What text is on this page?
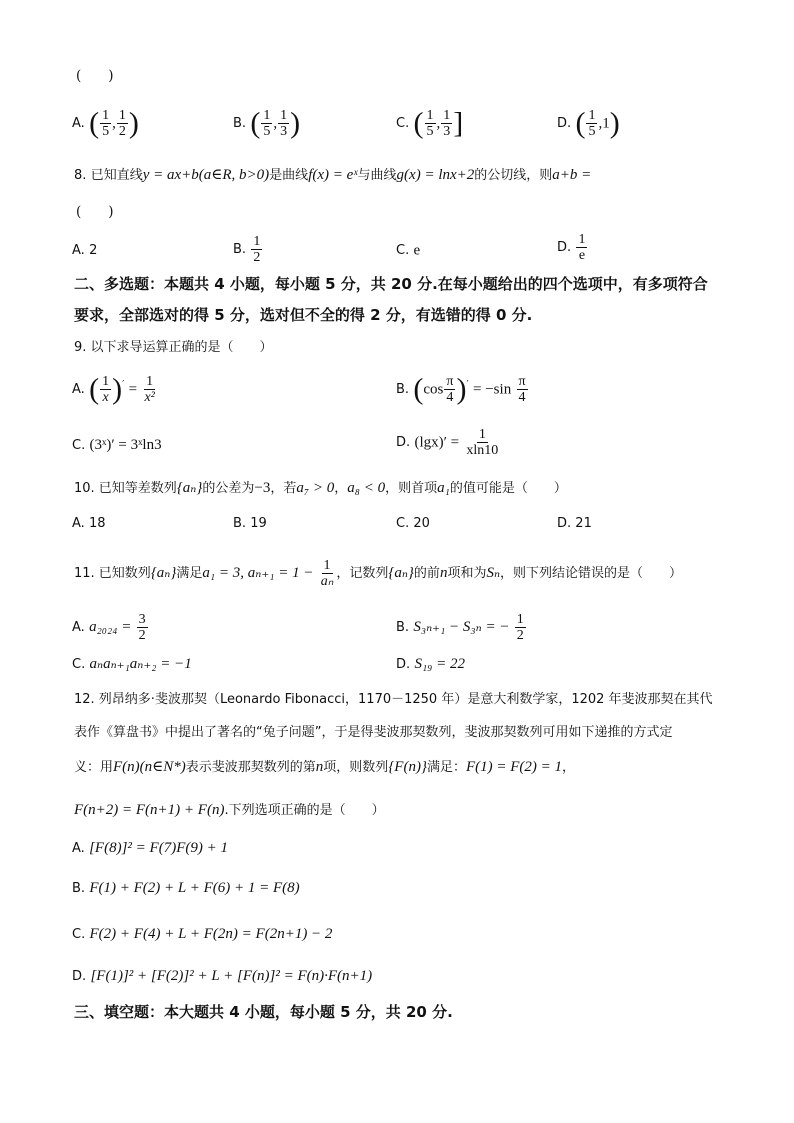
(　　)
A. ( $\frac{1}{5}$ , $\frac{1}{2}$ )	B. ( $\frac{1}{5}$ , $\frac{1}{3}$ )	C. ( $\frac{1}{5}$ , $\frac{1}{3}$ ]	D. ( $\frac{1}{5} ,1$)
8. 已知直线y = ax+b(a∈R, b>0)是曲线f(x) = eˣ与曲线g(x) = lnx+2的公切线，则a+b =
(　　)
A. 2	B. $\frac{1}{2}$	C. e	D. $\frac{1}{e}$
二、多选题：本题共 4 小题，每小题 5 分，共 20 分.在每小题给出的四个选项中，有多项符合
要求，全部选对的得 5 分，选对但不全的得 2 分，有选错的得 0 分.
9. 以下求导运算正确的是（　　）
A. ( $\frac{1}{x} )' = \frac{1}{\text{x²}}$	B. $(\cos \frac{\pi}{4} )' = -\sin \frac{\pi}{4}$
C. (3ˣ)′ = 3ˣln3	D. $(\lg x)' = \frac{1}{xln10}$
10. 已知等差数列{aₙ}的公差为−3，若a₇ > 0，a₈ < 0，则首项a₁的值可能是（　　）
A. 18	B. 19	C. 20	D. 21
11. 已知数列{aₙ}满足a₁ = 3, $a_{n+1} = 1 - \frac{1}{\text{aₙ}}$ ，记数列{aₙ}的前n项和为Sₙ，则下列结论错误的是（　　）
A. $a_{2024} = \frac{3}{2}$	B. S₃ₙ₊₁ − S₃ₙ = − $\frac{1}{2}$
C. aₙaₙ₊₁aₙ₊₂ = −1	D. S₁₉ = 22
12. 列昂纳多·斐波那契（Leonardo Fibonacci，1170－1250 年）是意大利数学家，1202 年斐波那契在其代
表作《算盘书》中提出了著名的“兔子问题”，于是得斐波那契数列，斐波那契数列可用如下递推的方式定
义：用F(n)(n∈N*)表示斐波那契数列的第n项，则数列{F(n)}满足：F(1) = F(2) = 1，
F(n+2) = F(n+1) + F(n).下列选项正确的是（　　）
A. [F(8)]² = F(7)F(9) + 1
B. F(1) + F(2) + L + F(6) + 1 = F(8)
C. F(2) + F(4) + L + F(2n) = F(2n+1) − 2
D. [F(1)]² + [F(2)]² + L + [F(n)]² = F(n)·F(n+1)
三、填空题：本大题共 4 小题，每小题 5 分，共 20 分.
